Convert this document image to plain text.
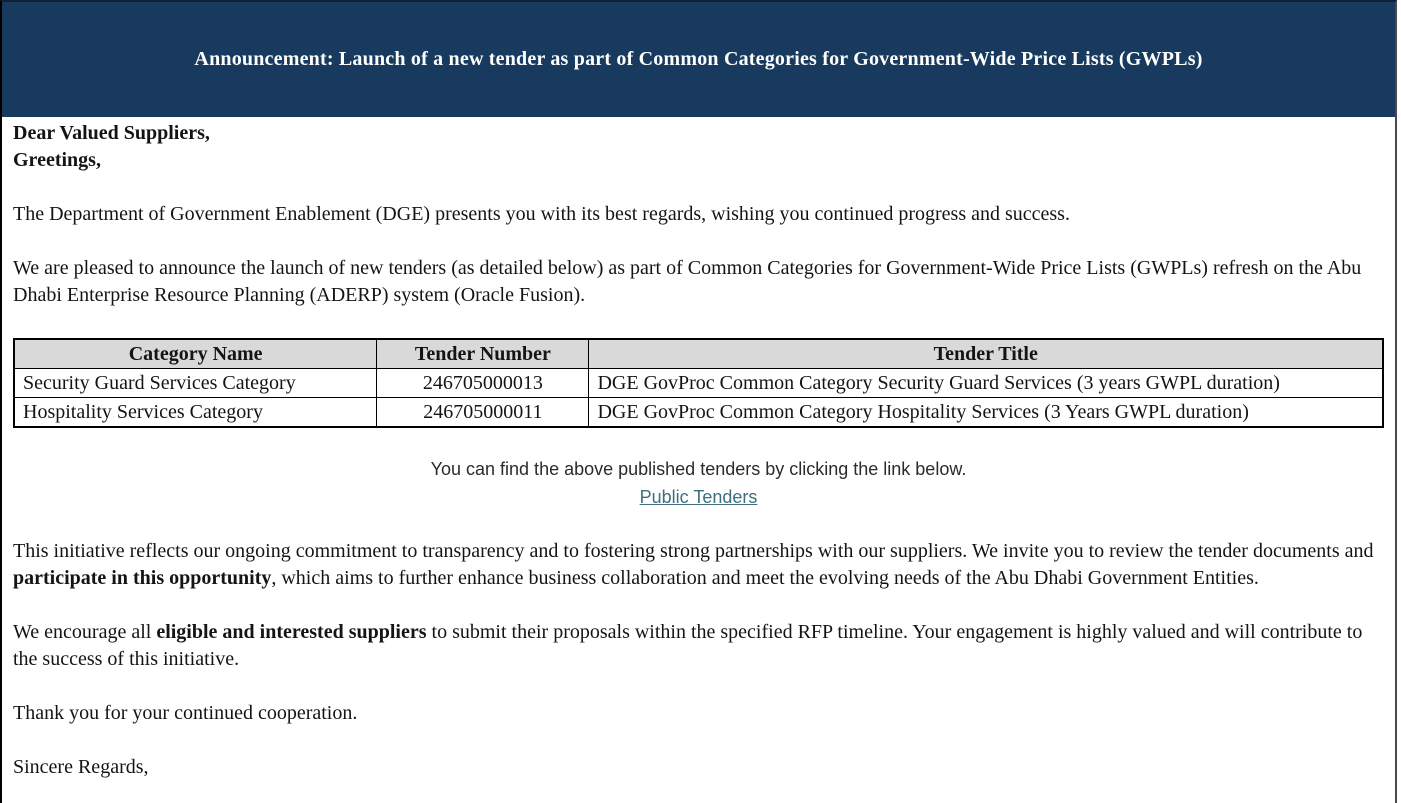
Announcement: Launch of a new tender as part of Common Categories for Government-Wide Price Lists (GWPLs)

Dear Valued Suppliers,

Greetings,

The Department of Government Enablement (DGE) presents you with its best regards, wishing you continued progress and success.

We are pleased to announce the launch of new tenders (as detailed below) as part of Common Categories for Government-Wide Price Lists (GWPLs) refresh on the Abu Dhabi Enterprise Resource Planning (ADERP) system (Oracle Fusion).

Category Name	Tender Number	Tender Title
Security Guard Services Category	246705000013	DGE GovProc Common Category Security Guard Services (3 years GWPL duration)
Hospitality Services Category	246705000011	DGE GovProc Common Category Hospitality Services (3 Years GWPL duration)
You can find the above published tenders by clicking the link below.
Public Tenders

This initiative reflects our ongoing commitment to transparency and to fostering strong partnerships with our suppliers. We invite you to review the tender documents and participate in this opportunity, which aims to further enhance business collaboration and meet the evolving needs of the Abu Dhabi Government Entities.

We encourage all eligible and interested suppliers to submit their proposals within the specified RFP timeline. Your engagement is highly valued and will contribute to the success of this initiative.

Thank you for your continued cooperation.

Sincere Regards,
